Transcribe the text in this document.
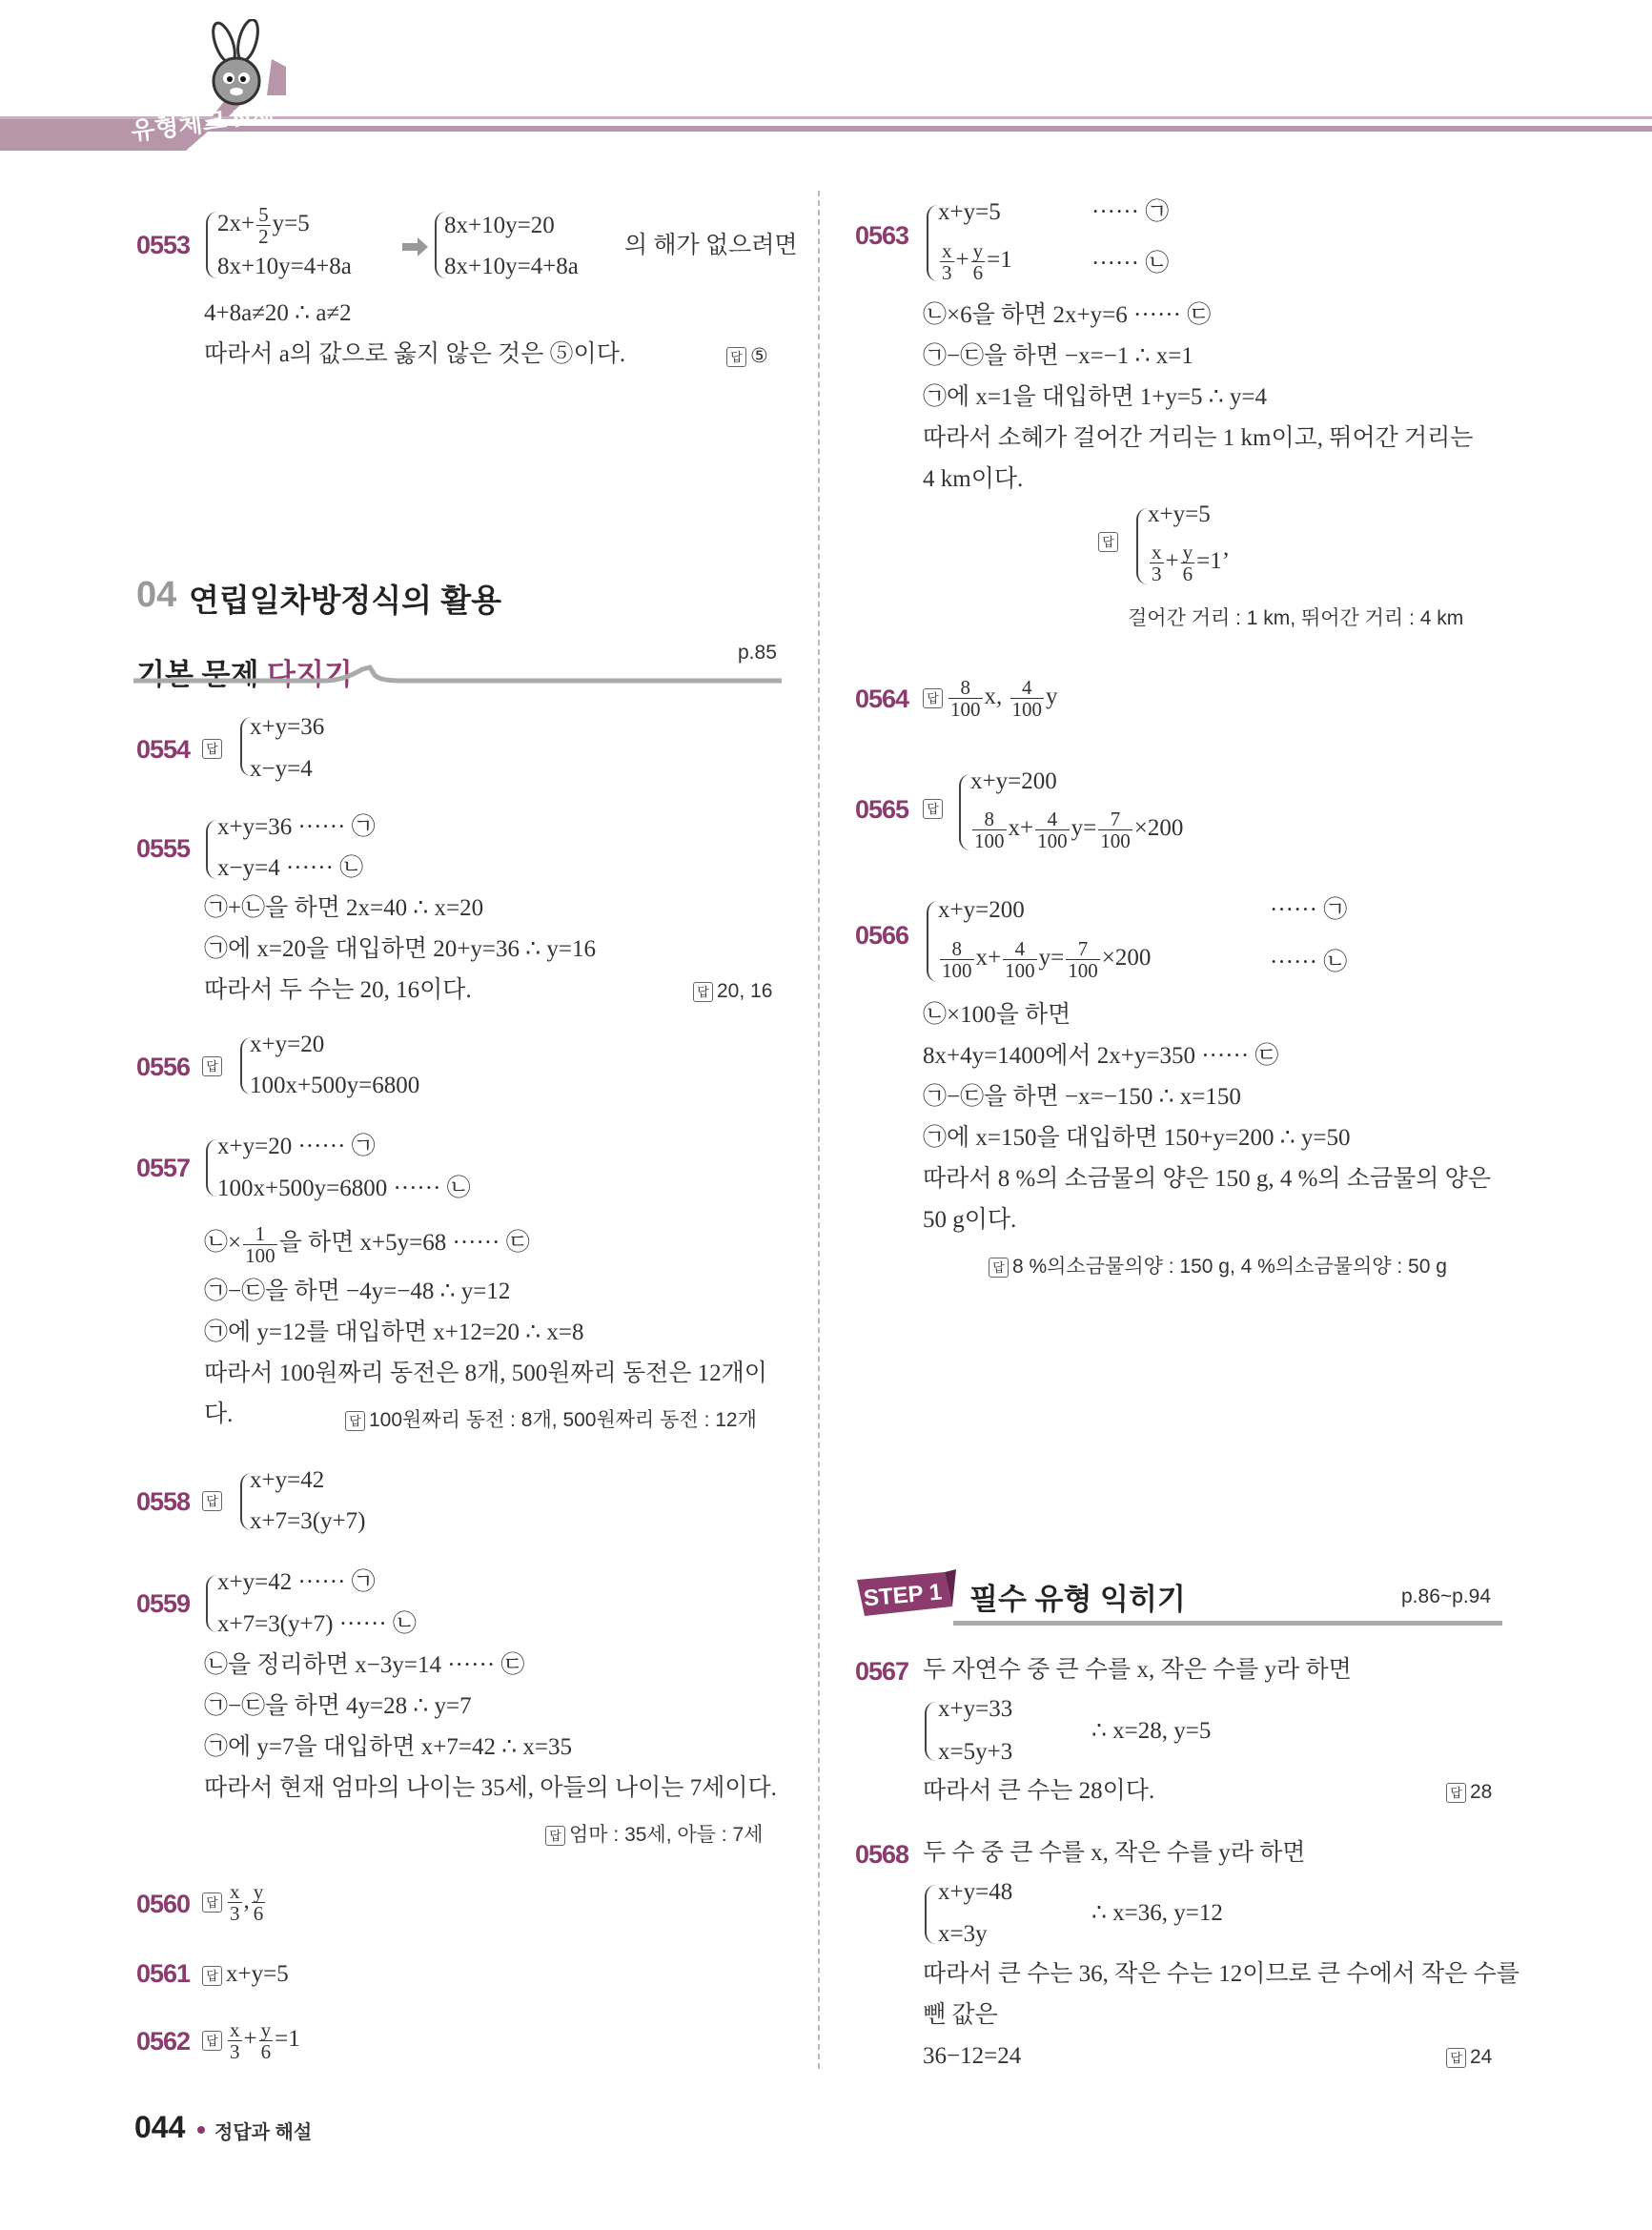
유형체크 N제
0553
$2x+ \frac{5}{2} y=5$
8x+10y=4+8a
8x+10y=20
8x+10y=4+8a
의 해가 없으려면
4+8a≠20 ∴ a≠2
따라서 a의 값으로 옳지 않은 것은 ⑤이다.	답 ⑤
04 연립일차방정식의 활용
기본 문제 다지기
p.85
0554	답
x+y=36
x−y=4
0555
x+y=36 ······ ㉠
x−y=4 ······ ㉡
㉠+㉡을 하면 2x=40 ∴ x=20
㉠에 x=20을 대입하면 20+y=36 ∴ y=16
따라서 두 수는 20, 16이다.	답 20, 16
0556	답
x+y=20
100x+500y=6800
0557
x+y=20 ······ ㉠
100x+500y=6800 ······ ㉡
㉡× $\frac{1}{100}$ 을 하면 x+5y=68 ······ ㉢
㉠−㉢을 하면 −4y=−48 ∴ y=12
㉠에 y=12를 대입하면 x+12=20 ∴ x=8
따라서 100원짜리 동전은 8개, 500원짜리 동전은 12개이
다.	답 100원짜리 동전 : 8개, 500원짜리 동전 : 12개
0558	답
x+y=42
x+7=3(y+7)
0559
x+y=42 ······ ㉠
x+7=3(y+7) ······ ㉡
㉡을 정리하면 x−3y=14 ······ ㉢
㉠−㉢을 하면 4y=28 ∴ y=7
㉠에 y=7을 대입하면 x+7=42 ∴ x=35
따라서 현재 엄마의 나이는 35세, 아들의 나이는 7세이다.
답 엄마 : 35세, 아들 : 7세
0560	답 $\frac{x}{3}$ , $\frac{y}{6}$
0561	답 x+y=5
0562	답 $\frac{x}{3} + \frac{y}{6} =1$
0563
x+y=5	······ ㉠
$\frac{x}{3} + \frac{y}{6} =1$	······ ㉡
㉡×6을 하면 2x+y=6 ······ ㉢
㉠−㉢을 하면 −x=−1 ∴ x=1
㉠에 x=1을 대입하면 1+y=5 ∴ y=4
따라서 소혜가 걸어간 거리는 1 km이고, 뛰어간 거리는
4 km이다.
답
x+y=5
$\frac{x}{3} + \frac{y}{6} =1$’
걸어간 거리 : 1 km, 뛰어간 거리 : 4 km
0564	답 $\frac{8}{100} x$, $\frac{4}{100}$ y
0565	답
x+y=200
$\frac{8}{100} x+ \frac{4}{100} y= \frac{7}{100} \times 200$
0566
x+y=200	······ ㉠
$\frac{8}{100} x+ \frac{4}{100} y= \frac{7}{100} \times 200$	······ ㉡
㉡×100을 하면
8x+4y=1400에서 2x+y=350 ······ ㉢
㉠−㉢을 하면 −x=−150 ∴ x=150
㉠에 x=150을 대입하면 150+y=200 ∴ y=50
따라서 8 %의 소금물의 양은 150 g, 4 %의 소금물의 양은
50 g이다.
답 8 %의소금물의양 : 150 g, 4 %의소금물의양 : 50 g
STEP 1 필수 유형 익히기	p.86~p.94
0567 두 자연수 중 큰 수를 x, 작은 수를 y라 하면
x+y=33
x=5y+3
∴ x=28, y=5
따라서 큰 수는 28이다.	답 28
0568 두 수 중 큰 수를 x, 작은 수를 y라 하면
x+y=48
x=3y
∴ x=36, y=12
따라서 큰 수는 36, 작은 수는 12이므로 큰 수에서 작은 수를
뺀 값은
36−12=24	답 24
044 정답과 해설
